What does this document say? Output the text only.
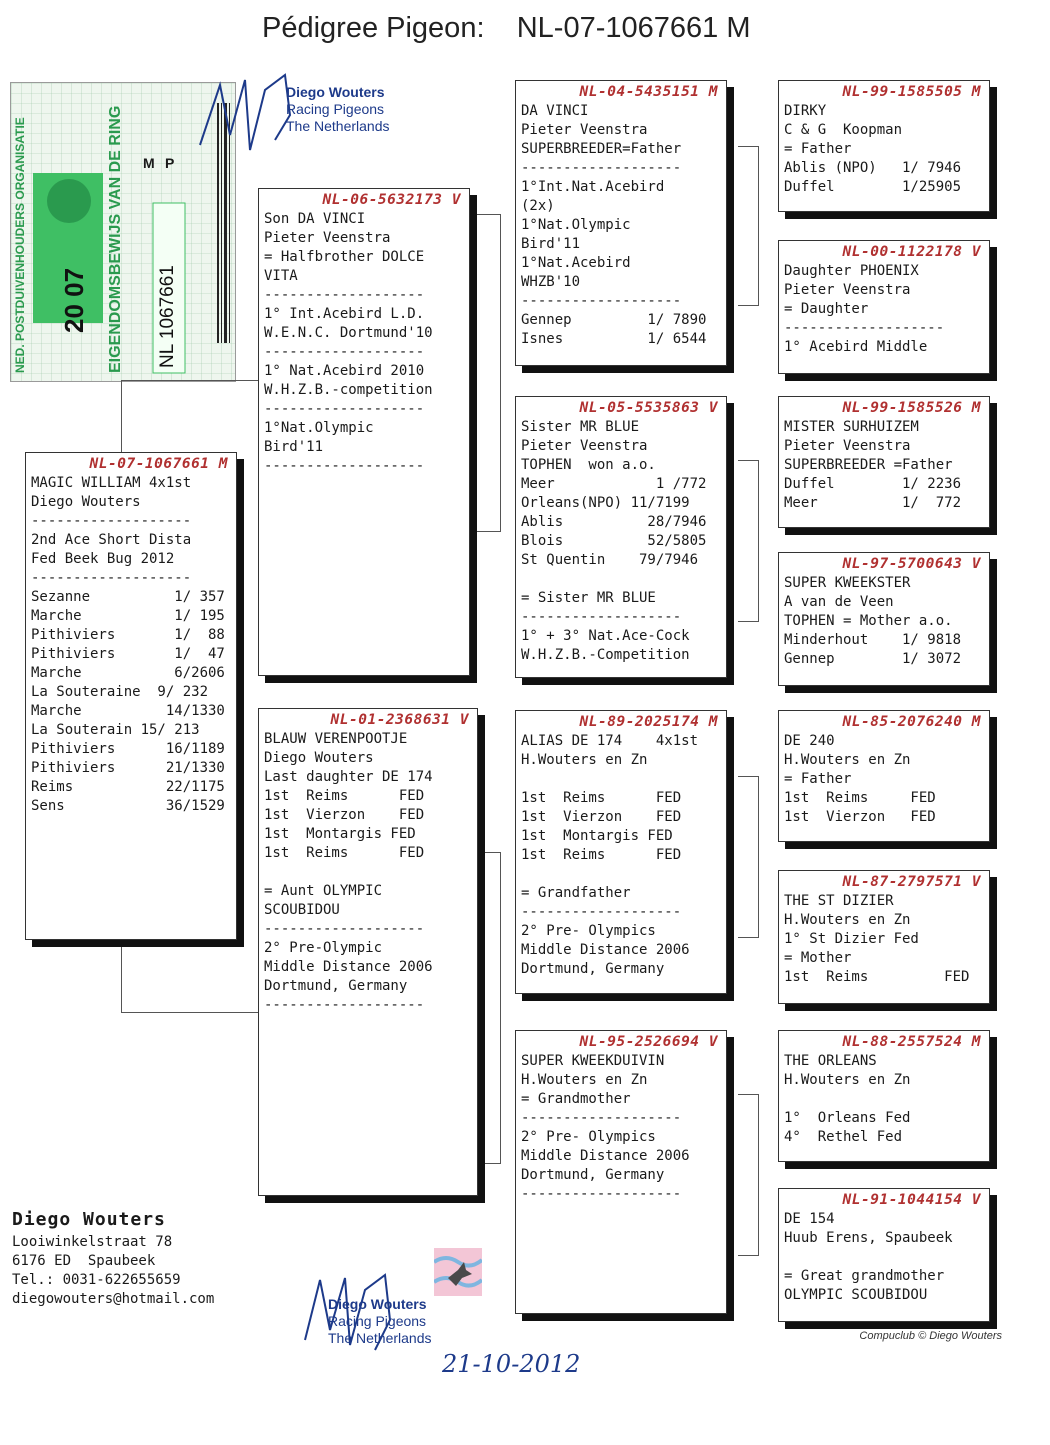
Pédigree Pigeon: NL-07-1067661 M
NED. POSTDUIVENHOUDERS ORGANISATIE	EIGENDOMSBEWIJS VAN DE RING
20 07
NL 1067661
M P
Diego Wouters
Racing Pigeons
The Netherlands
NL-07-1067661 M
MAGIC WILLIAM 4x1st
Diego Wouters
-------------------
2nd Ace Short Dista
Fed Beek Bug 2012
-------------------
Sezanne          1/ 357
Marche           1/ 195
Pithiviers       1/  88
Pithiviers       1/  47
Marche           6/2606
La Souteraine  9/ 232
Marche          14/1330
La Souterain 15/ 213
Pithiviers      16/1189
Pithiviers      21/1330
Reims           22/1175
Sens            36/1529
NL-06-5632173 V
Son DA VINCI
Pieter Veenstra
= Halfbrother DOLCE
VITA
-------------------
1° Int.Acebird L.D.
W.E.N.C. Dortmund'10
-------------------
1° Nat.Acebird 2010
W.H.Z.B.-competition
-------------------
1°Nat.Olympic
Bird'11
-------------------
NL-01-2368631 V
BLAUW VERENPOOTJE
Diego Wouters
Last daughter DE 174
1st  Reims      FED
1st  Vierzon    FED
1st  Montargis FED
1st  Reims      FED

= Aunt OLYMPIC
SCOUBIDOU
-------------------
2° Pre-Olympic
Middle Distance 2006
Dortmund, Germany
-------------------
NL-04-5435151 M
DA VINCI
Pieter Veenstra
SUPERBREEDER=Father
-------------------
1°Int.Nat.Acebird
(2x)
1°Nat.Olympic
Bird'11
1°Nat.Acebird
WHZB'10
-------------------
Gennep         1/ 7890
Isnes          1/ 6544
NL-05-5535863 V
Sister MR BLUE
Pieter Veenstra
TOPHEN  won a.o.
Meer            1 /772
Orleans(NPO) 11/7199
Ablis          28/7946
Blois          52/5805
St Quentin    79/7946

= Sister MR BLUE
-------------------
1° + 3° Nat.Ace-Cock
W.H.Z.B.-Competition
NL-89-2025174 M
ALIAS DE 174    4x1st
H.Wouters en Zn

1st  Reims      FED
1st  Vierzon    FED
1st  Montargis FED
1st  Reims      FED

= Grandfather
-------------------
2° Pre- Olympics
Middle Distance 2006
Dortmund, Germany
NL-95-2526694 V
SUPER KWEEKDUIVIN
H.Wouters en Zn
= Grandmother
-------------------
2° Pre- Olympics
Middle Distance 2006
Dortmund, Germany
-------------------
NL-99-1585505 M
DIRKY
C & G  Koopman
= Father
Ablis (NPO)   1/ 7946
Duffel        1/25905
NL-00-1122178 V
Daughter PHOENIX
Pieter Veenstra
= Daughter
-------------------
1° Acebird Middle
NL-99-1585526 M
MISTER SURHUIZEM
Pieter Veenstra
SUPERBREEDER =Father
Duffel        1/ 2236
Meer          1/  772
NL-97-5700643 V
SUPER KWEEKSTER
A van de Veen
TOPHEN = Mother a.o.
Minderhout    1/ 9818
Gennep        1/ 3072
NL-85-2076240 M
DE 240
H.Wouters en Zn
= Father
1st  Reims     FED
1st  Vierzon   FED
NL-87-2797571 V
THE ST DIZIER
H.Wouters en Zn
1° St Dizier Fed
= Mother
1st  Reims         FED
NL-88-2557524 M
THE ORLEANS
H.Wouters en Zn

1°  Orleans Fed
4°  Rethel Fed
NL-91-1044154 V
DE 154
Huub Erens, Spaubeek

= Great grandmother
OLYMPIC SCOUBIDOU
Diego Wouters
Looiwinkelstraat 78
6176 ED  Spaubeek
Tel.: 0031-622655659
diegowouters@hotmail.com	Diego Wouters
Racing Pigeons
The Netherlands
21-10-2012
Compuclub © Diego Wouters
